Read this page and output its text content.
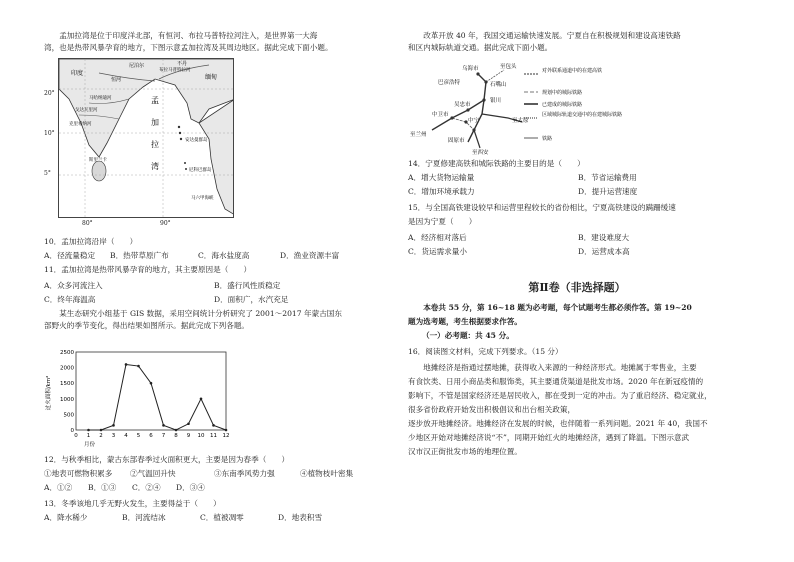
孟加拉湾是位于印度洋北部，有恒河、布拉马普特拉河注入，是世界第一大海
湾，也是热带风暴孕育的地方，下图示意孟加拉湾及其周边地区。据此完成下面小题。
印度
尼泊尔	不丹
缅甸
恒河
布拉马普特拉河
马哈纳迪河
戈达瓦里河
克里希纳河
孟
加
拉
湾
安达曼群岛
尼科巴群岛
斯里兰卡
马六甲海峡
20°
10°
5°
80°	90°
10．孟加拉湾沿岸（　　）
A．径流量稳定	B．热带草原广布	C．海水盐度高	D．渔业资源丰富
11．孟加拉湾是热带风暴孕育的地方，其主要原因是（　　）
A．众多河流注入	B．盛行风性质稳定
C．终年海温高	D．面积广，水汽充足
某生态研究小组基于 GIS 数据，采用空间统计分析研究了 2001～2017 年蒙古国东
部野火的季节变化，得出结果如图所示。据此完成下列各题。
0
500
1000
1500
2000
2500
0 1 2 3 4 5 6 7 8 9 10 11 12
过火面积/km²
月份
12．与秋季相比，蒙古东部春季过火面积更大，主要是因为春季（　　）
①地表可燃物积累多	②气温回升快	③东南季风势力强	④植物枝叶密集
A．①②	B．①③	C．②④	D．③④
13．冬季该地几乎无野火发生，主要得益于（　　）
A．降水稀少	B．河流结冰	C．植被凋零	D．地表积雪
改革开放 40 年，我国交通运输快速发展。宁夏自在积极规划和建设高速铁路
和区内城际轨道交通。据此完成下面小题。
乌海市	至包头
巴彦浩特	石嘴山
银川
吴忠市
中卫市
中宁	至太原
至兰州
固原市
至西安
对外联系通道中的在建高铁
规划中的城际铁路
已建成的城际铁路
区域城际轨道交通中的在建城际铁路
铁路
14．宁夏修建高铁和城际铁路的主要目的是（　　）
A．增大货物运输量	B．节省运输费用
C．增加环境承载力	D．提升运营速度
15．与全国高铁建设较早和运营里程较长的省份相比，宁夏高铁建设的蹒跚缓速
是因为宁夏（　　）
A．经济相对落后	B．建设难度大
C．货运需求量小	D．运营成本高
第Ⅱ卷（非选择题）
本卷共 55 分，第 16~18 题为必考题，每个试题考生都必须作答。第 19~20
题为选考题，考生根据要求作答。
（一）必考题：共 45 分。
16．阅读图文材料，完成下列要求。（15 分）
地摊经济是指通过摆地摊，获得收入来源的一种经济形式。地摊属于零售业，主要
有食饮类、日用小商品类和服饰类，其主要通货渠道是批发市场。2020 年在新冠疫情的
影响下，不管是国家经济还是居民收入，都在受到一定的冲击。为了重启经济、稳定就业，
很多省份政府开始发出积极倡议和出台相关政策，
逐步放开地摊经济。地摊经济在发展的时候，也伴随着一系列问题。2021 年 40，我国不
少地区开始对地摊经济说“不”，同期开始红火的地摊经济，遇到了降温。下图示意武
汉市汉正街批发市场的地理位置。
